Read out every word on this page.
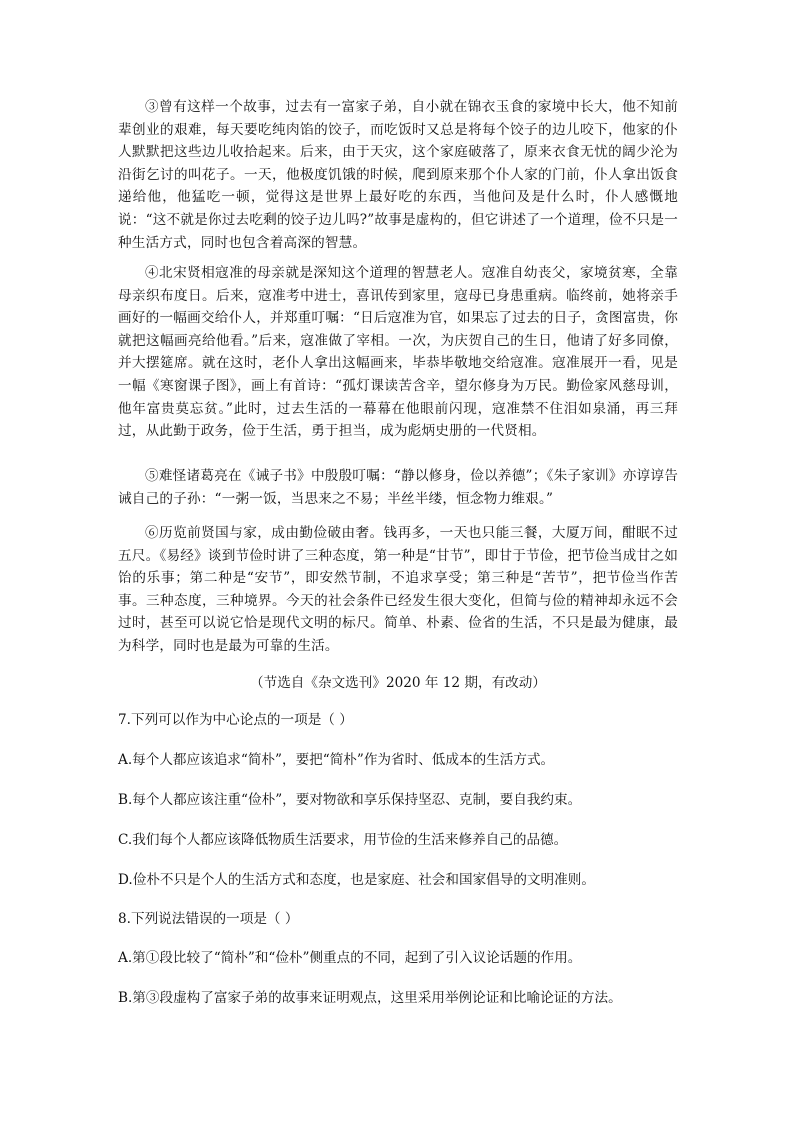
③曾有这样一个故事，过去有一富家子弟，自小就在锦衣玉食的家境中长大，他不知前辈创业的艰难，每天要吃纯肉馅的饺子，而吃饭时又总是将每个饺子的边儿咬下，他家的仆人默默把这些边儿收拾起来。后来，由于天灾，这个家庭破落了，原来衣食无忧的阔少沦为沿街乞讨的叫花子。一天，他极度饥饿的时候，爬到原来那个仆人家的门前，仆人拿出饭食递给他，他猛吃一顿，觉得这是世界上最好吃的东西，当他问及是什么时，仆人感慨地说：“这不就是你过去吃剩的饺子边儿吗?”故事是虚构的，但它讲述了一个道理，俭不只是一种生活方式，同时也包含着高深的智慧。

④北宋贤相寇准的母亲就是深知这个道理的智慧老人。寇准自幼丧父，家境贫寒，全靠母亲织布度日。后来，寇准考中进士，喜讯传到家里，寇母已身患重病。临终前，她将亲手画好的一幅画交给仆人，并郑重叮嘱：“日后寇准为官，如果忘了过去的日子，贪图富贵，你就把这幅画亮给他看。”后来，寇准做了宰相。一次，为庆贺自己的生日，他请了好多同僚，并大摆筵席。就在这时，老仆人拿出这幅画来，毕恭毕敬地交给寇准。寇准展开一看，见是一幅《寒窗课子图》，画上有首诗：“孤灯课读苦含辛，望尔修身为万民。勤俭家风慈母训，他年富贵莫忘贫。”此时，过去生活的一幕幕在他眼前闪现，寇准禁不住泪如泉涌，再三拜过，从此勤于政务，俭于生活，勇于担当，成为彪炳史册的一代贤相。

⑤难怪诸葛亮在《诫子书》中殷殷叮嘱：“静以修身，俭以养德”；《朱子家训》亦谆谆告诫自己的子孙：“一粥一饭，当思来之不易；半丝半缕，恒念物力维艰。”

⑥历览前贤国与家，成由勤俭破由奢。钱再多，一天也只能三餐，大厦万间，酣眠不过五尺。《易经》谈到节俭时讲了三种态度，第一种是“甘节”，即甘于节俭，把节俭当成甘之如饴的乐事；第二种是“安节”，即安然节制，不追求享受；第三种是“苦节”，把节俭当作苦事。三种态度，三种境界。今天的社会条件已经发生很大变化，但简与俭的精神却永远不会过时，甚至可以说它恰是现代文明的标尺。简单、朴素、俭省的生活，不只是最为健康，最为科学，同时也是最为可靠的生活。

（节选自《杂文选刊》2020 年 12 期，有改动）

7.下列可以作为中心论点的一项是（ ）

A.每个人都应该追求“简朴”，要把“简朴”作为省时、低成本的生活方式。

B.每个人都应该注重“俭朴”，要对物欲和享乐保持坚忍、克制，要自我约束。

C.我们每个人都应该降低物质生活要求，用节俭的生活来修养自己的品德。

D.俭朴不只是个人的生活方式和态度，也是家庭、社会和国家倡导的文明准则。

8.下列说法错误的一项是（ ）

A.第①段比较了“简朴”和“俭朴”侧重点的不同，起到了引入议论话题的作用。

B.第③段虚构了富家子弟的故事来证明观点，这里采用举例论证和比喻论证的方法。
